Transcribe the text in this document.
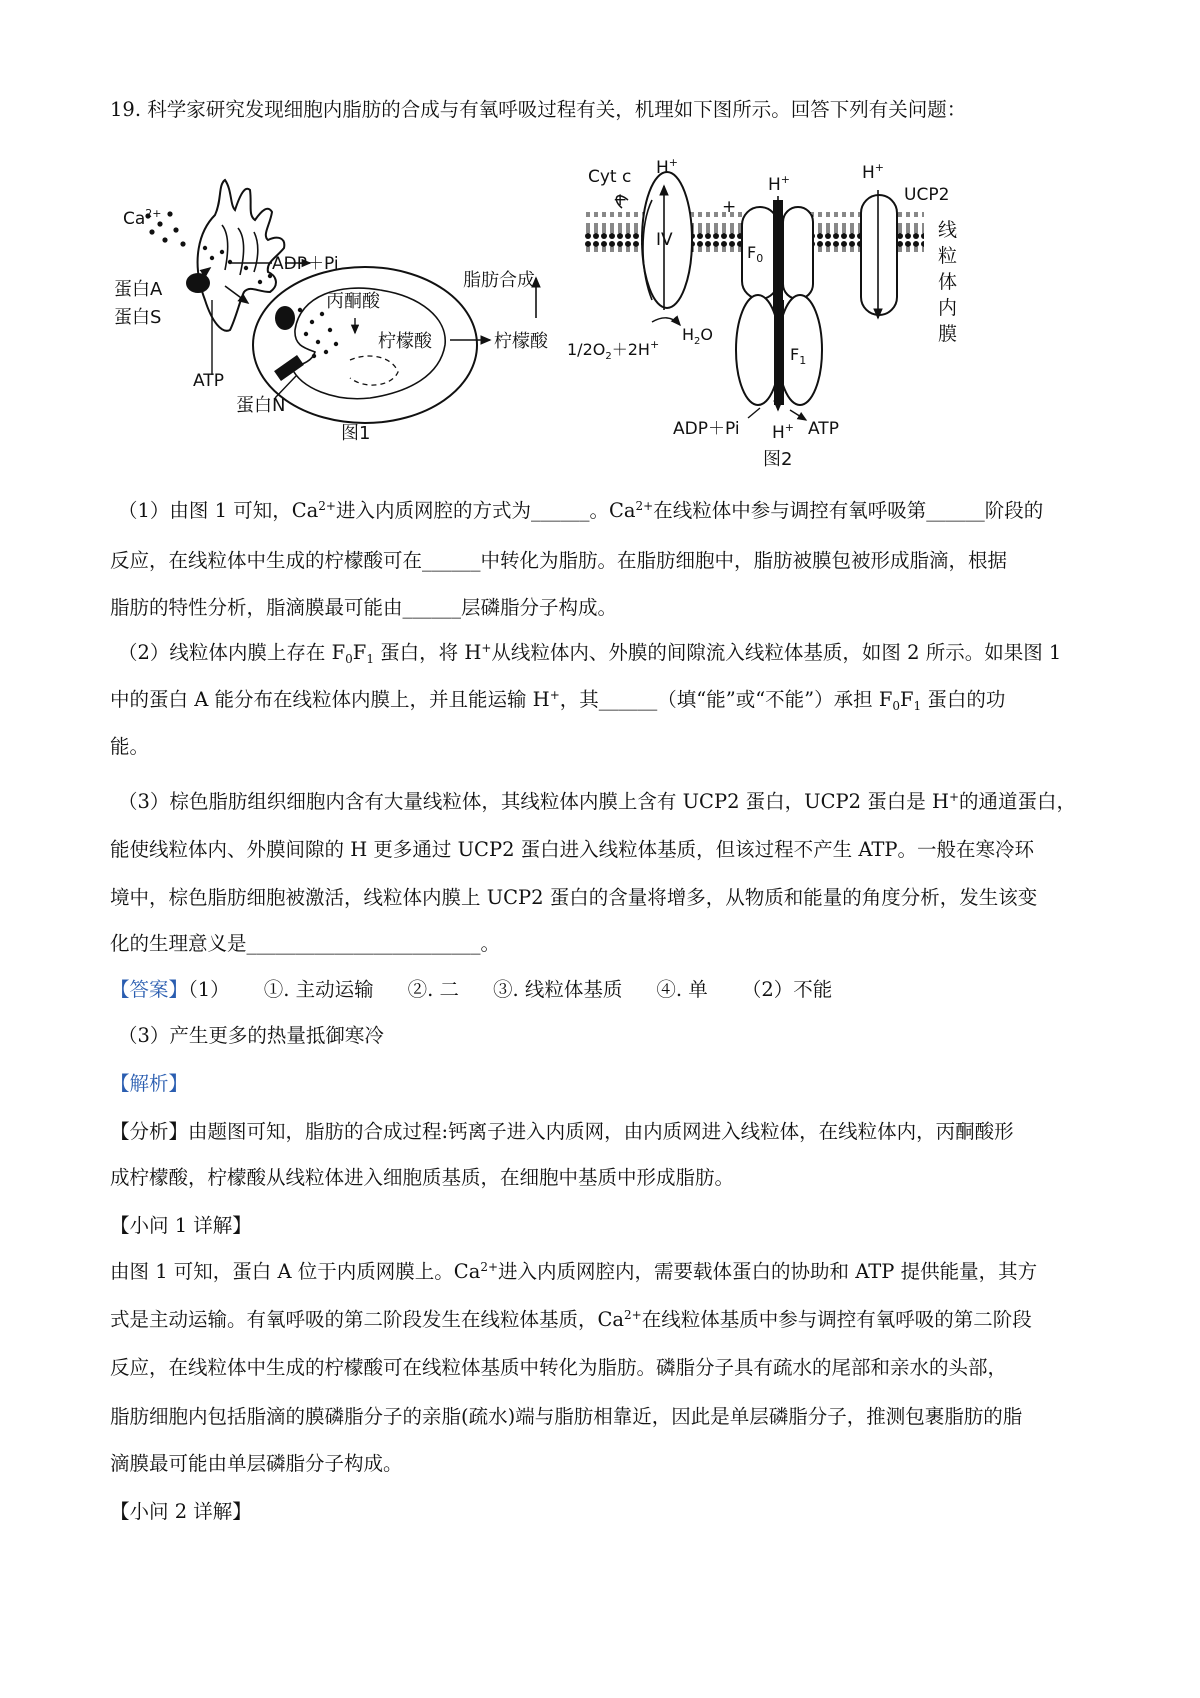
19. 科学家研究发现细胞内脂肪的合成与有氧呼吸过程有关，机理如下图所示。回答下列有关问题：
$Ca^{2+}$
ADP＋Pi
蛋白A
蛋白S
ATP
蛋白N
丙酮酸
柠檬酸	柠檬酸
脂肪合成
图1
Cyt c H+
H+	H+
+	+
UCP2
IV
$F_0$
$F_1$
$1/2O_2+2H^+$
$H_2O$
ADP＋Pi H+ ATP
图2
线
粒
体
内
膜
（1）由图 1 可知，$Ca^{2+}$进入内质网腔的方式为______。$Ca^{2+}$在线粒体中参与调控有氧呼吸第______阶段的
反应，在线粒体中生成的柠檬酸可在______中转化为脂肪。在脂肪细胞中，脂肪被膜包被形成脂滴，根据
脂肪的特性分析，脂滴膜最可能由______层磷脂分子构成。
（2）线粒体内膜上存在 $F_0F_1$ 蛋白，将 H+从线粒体内、外膜的间隙流入线粒体基质，如图 2 所示。如果图 1
中的蛋白 A 能分布在线粒体内膜上，并且能运输 H+，其______（填“能”或“不能”）承担 $F_0F_1$ 蛋白的功
能。
（3）棕色脂肪组织细胞内含有大量线粒体，其线粒体内膜上含有 UCP2 蛋白，UCP2 蛋白是 H+的通道蛋白，
能使线粒体内、外膜间隙的 H 更多通过 UCP2 蛋白进入线粒体基质，但该过程不产生 ATP。一般在寒冷环
境中，棕色脂肪细胞被激活，线粒体内膜上 UCP2 蛋白的含量将增多，从物质和能量的角度分析，发生该变
化的生理意义是________________________。
【答案】（1） ①. 主动运输 ②. 二 ③. 线粒体基质 ④. 单 （2）不能
（3）产生更多的热量抵御寒冷
【解析】
【分析】由题图可知，脂肪的合成过程:钙离子进入内质网，由内质网进入线粒体，在线粒体内，丙酮酸形
成柠檬酸，柠檬酸从线粒体进入细胞质基质，在细胞中基质中形成脂肪。
【小问 1 详解】
由图 1 可知，蛋白 A 位于内质网膜上。$Ca^{2+}$进入内质网腔内，需要载体蛋白的协助和 ATP 提供能量，其方
式是主动运输。有氧呼吸的第二阶段发生在线粒体基质，$Ca^{2+}$在线粒体基质中参与调控有氧呼吸的第二阶段
反应，在线粒体中生成的柠檬酸可在线粒体基质中转化为脂肪。磷脂分子具有疏水的尾部和亲水的头部，
脂肪细胞内包括脂滴的膜磷脂分子的亲脂(疏水)端与脂肪相靠近，因此是单层磷脂分子，推测包裹脂肪的脂
滴膜最可能由单层磷脂分子构成。
【小问 2 详解】
